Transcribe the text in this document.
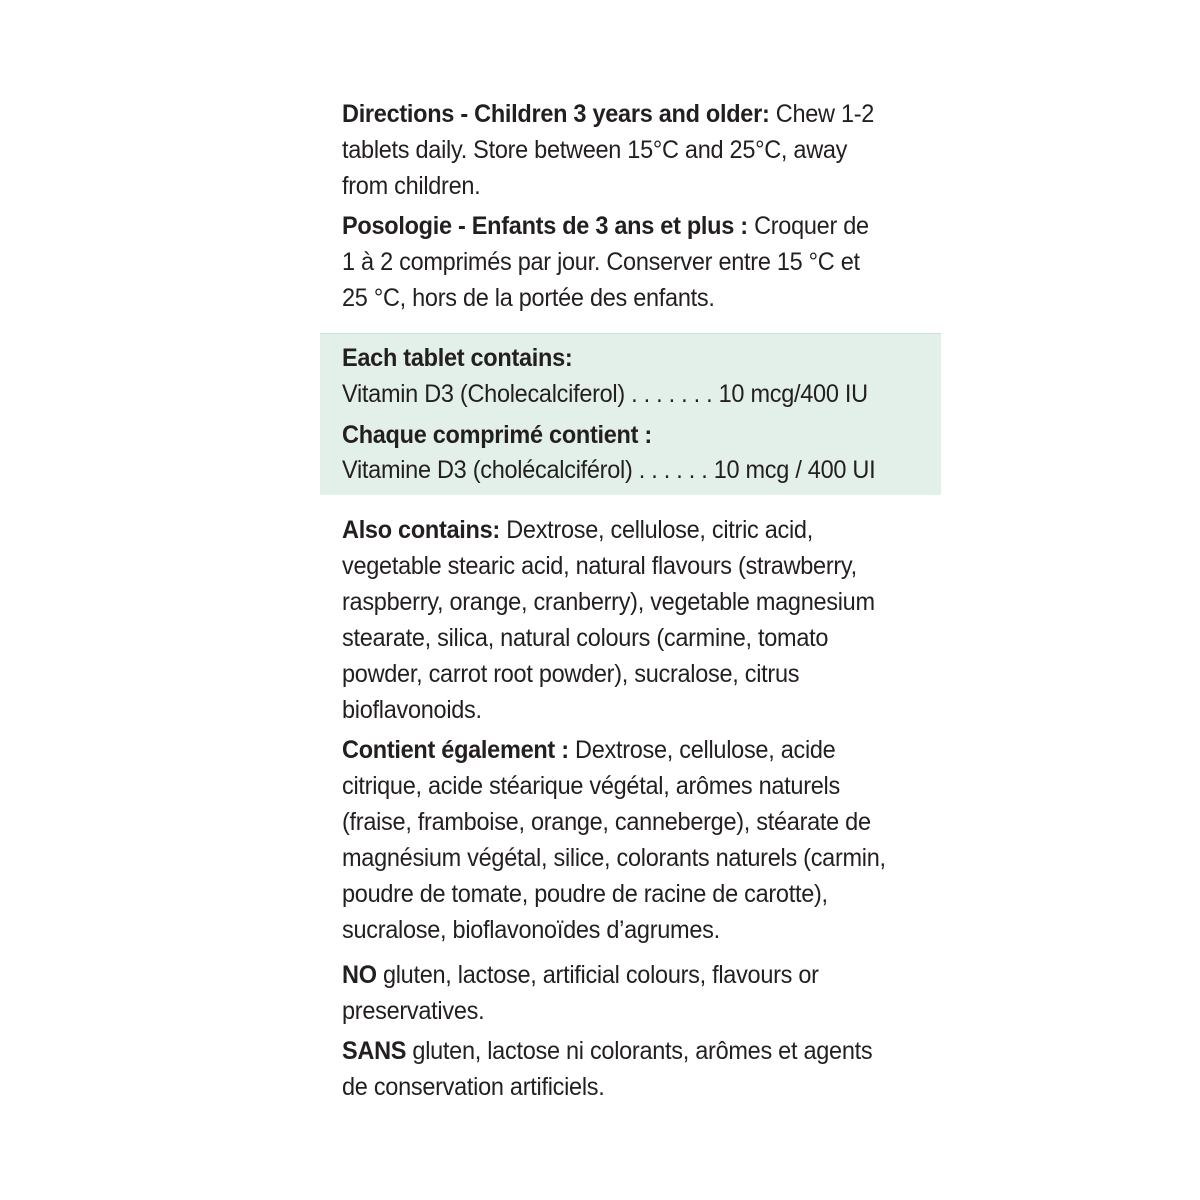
Directions - Children 3 years and older: Chew 1-2 tablets daily. Store between 15°C and 25°C, away from children.

Posologie - Enfants de 3 ans et plus : Croquer de 1 à 2 comprimés par jour. Conserver entre 15 °C et 25 °C, hors de la portée des enfants.

Each tablet contains:
Vitamin D3 (Cholecalciferol) . . . . . . . 10 mcg/400 IU
Chaque comprimé contient :
Vitamine D3 (cholécalciférol) . . . . . . 10 mcg / 400 UI

Also contains: Dextrose, cellulose, citric acid, vegetable stearic acid, natural flavours (strawberry, raspberry, orange, cranberry), vegetable magnesium stearate, silica, natural colours (carmine, tomato powder, carrot root powder), sucralose, citrus bioflavonoids.

Contient également : Dextrose, cellulose, acide citrique, acide stéarique végétal, arômes naturels (fraise, framboise, orange, canneberge), stéarate de magnésium végétal, silice, colorants naturels (carmin, poudre de tomate, poudre de racine de carotte), sucralose, bioflavonoïdes d’agrumes.

NO gluten, lactose, artificial colours, flavours or preservatives.

SANS gluten, lactose ni colorants, arômes et agents de conservation artificiels.
